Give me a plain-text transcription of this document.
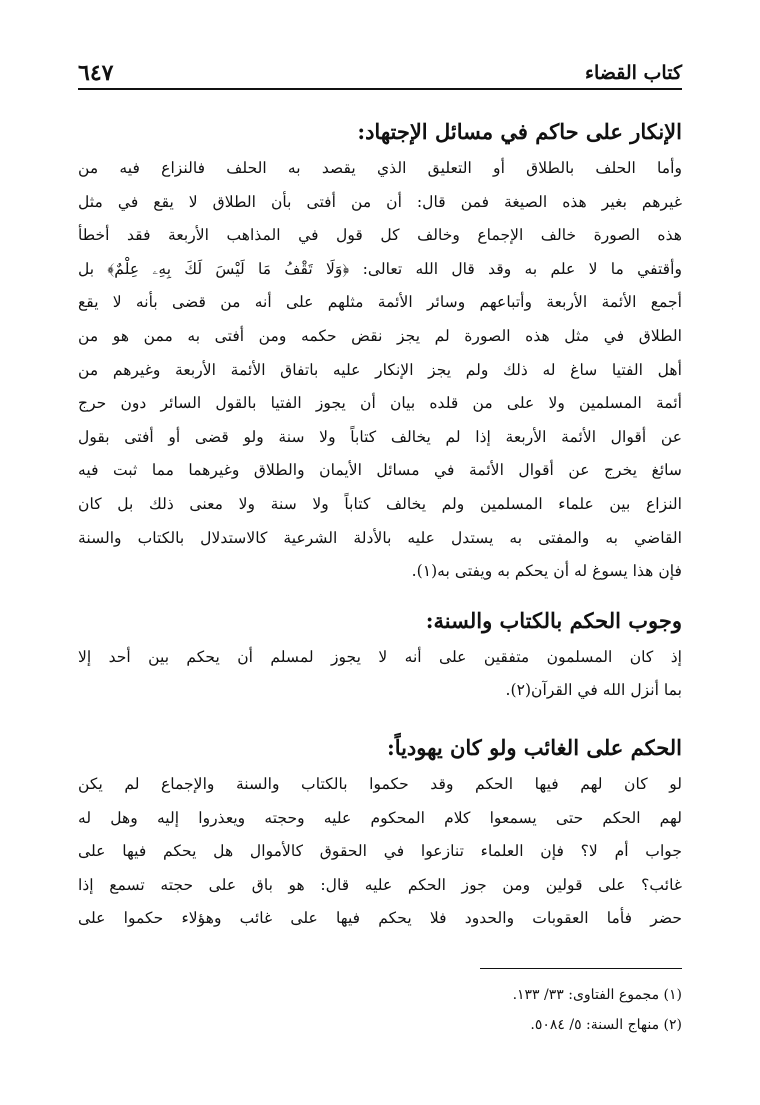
كتاب القضاء
٦٤٧
الإنكار على حاكم في مسائل الإجتهاد:
وأما الحلف بالطلاق أو التعليق الذي يقصد به الحلف فالنزاع فيه من
غيرهم بغير هذه الصيغة فمن قال: أن من أفتى بأن الطلاق لا يقع في مثل
هذه الصورة خالف الإجماع وخالف كل قول في المذاهب الأربعة فقد أخطأ
وأقتفي ما لا علم به وقد قال الله تعالى: ﴿وَلَا تَقْفُ مَا لَيْسَ لَكَ بِهِۦ عِلْمٌ﴾ بل
أجمع الأئمة الأربعة وأتباعهم وسائر الأئمة مثلهم على أنه من قضى بأنه لا يقع
الطلاق في مثل هذه الصورة لم يجز نقض حكمه ومن أفتى به ممن هو من
أهل الفتيا ساغ له ذلك ولم يجز الإنكار عليه باتفاق الأئمة الأربعة وغيرهم من
أئمة المسلمين ولا على من قلده بيان أن يجوز الفتيا بالقول السائر دون حرج
عن أقوال الأئمة الأربعة إذا لم يخالف كتاباً ولا سنة ولو قضى أو أفتى بقول
سائغ يخرج عن أقوال الأئمة في مسائل الأيمان والطلاق وغيرهما مما ثبت فيه
النزاع بين علماء المسلمين ولم يخالف كتاباً ولا سنة ولا معنى ذلك بل كان
القاضي به والمفتى به يستدل عليه بالأدلة الشرعية كالاستدلال بالكتاب والسنة
فإن هذا يسوغ له أن يحكم به ويفتى به(١).
وجوب الحكم بالكتاب والسنة:
إذ كان المسلمون متفقين على أنه لا يجوز لمسلم أن يحكم بين أحد إلا
بما أنزل الله في القرآن(٢).
الحكم على الغائب ولو كان يهودياً:
لو كان لهم فيها الحكم وقد حكموا بالكتاب والسنة والإجماع لم يكن
لهم الحكم حتى يسمعوا كلام المحكوم عليه وحجته ويعذروا إليه وهل له
جواب أم لا؟ فإن العلماء تنازعوا في الحقوق كالأموال هل يحكم فيها على
غائب؟ على قولين ومن جوز الحكم عليه قال: هو باق على حجته تسمع إذا
حضر فأما العقوبات والحدود فلا يحكم فيها على غائب وهؤلاء حكموا على
(١) مجموع الفتاوى: ٣٣/ ١٣٣.
(٢) منهاج السنة: ٥/ ٥٠٨٤.
